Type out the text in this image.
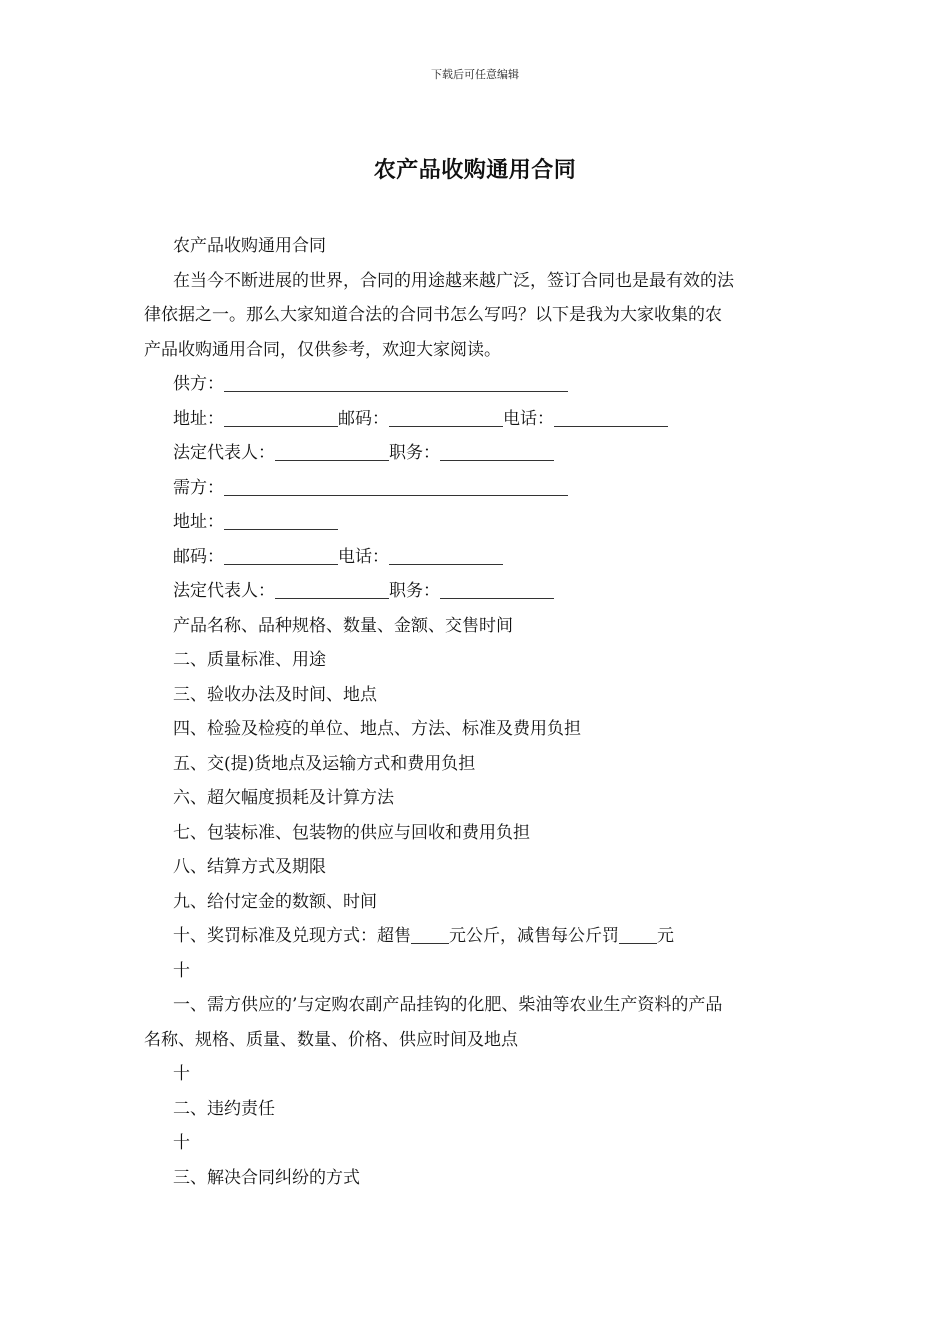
下载后可任意编辑
农产品收购通用合同
农产品收购通用合同
在当今不断进展的世界，合同的用途越来越广泛，签订合同也是最有效的法
律依据之一。那么大家知道合法的合同书怎么写吗？以下是我为大家收集的农
产品收购通用合同，仅供参考，欢迎大家阅读。
供方：
地址：	邮码：	电话：
法定代表人：	职务：
需方：
地址：
邮码：	电话：
法定代表人：	职务：
产品名称、品种规格、数量、金额、交售时间
二、质量标准、用途
三、验收办法及时间、地点
四、检验及检疫的单位、地点、方法、标准及费用负担
五、交(提)货地点及运输方式和费用负担
六、超欠幅度损耗及计算方法
七、包装标准、包装物的供应与回收和费用负担
八、结算方式及期限
九、给付定金的数额、时间
十、奖罚标准及兑现方式：超售 元公斤，减售每公斤罚 元
十
一、需方供应的’与定购农副产品挂钩的化肥、柴油等农业生产资料的产品
名称、规格、质量、数量、价格、供应时间及地点
十
二、违约责任
十
三、解决合同纠纷的方式
